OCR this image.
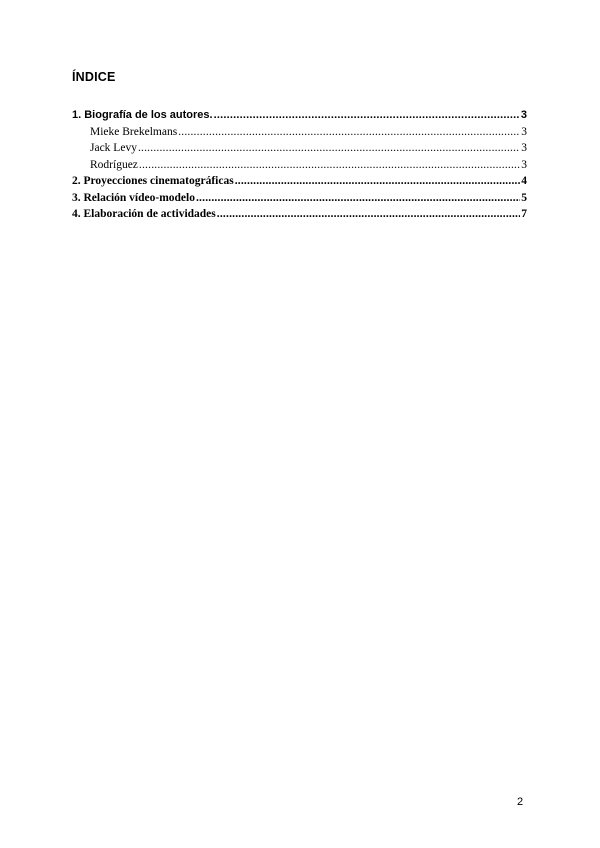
ÍNDICE
1. Biografía de los autores. .....	3
Mieke Brekelmans .....	3
Jack Levy .....	3
Rodríguez .....	3
2. Proyecciones cinematográficas .....	4
3. Relación vídeo-modelo .....	5
4. Elaboración de actividades .....	7

2
